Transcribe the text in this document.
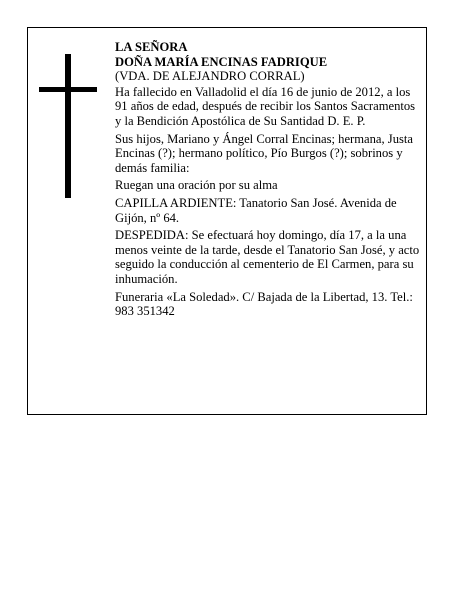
LA SEÑORA

DOÑA MARÍA ENCINAS FADRIQUE

(VDA. DE ALEJANDRO CORRAL)

Ha fallecido en Valladolid el día 16 de junio de 2012, a los 91 años de edad, después de recibir los Santos Sacramentos y la Bendición Apostólica de Su Santidad D. E. P.

Sus hijos, Mariano y Ángel Corral Encinas; hermana, Justa Encinas (?); hermano político, Pío Burgos (?); sobrinos y demás familia:

Ruegan una oración por su alma

CAPILLA ARDIENTE: Tanatorio San José. Avenida de Gijón, nº 64.

DESPEDIDA: Se efectuará hoy domingo, día 17, a la una menos veinte de la tarde, desde el Tanatorio San José, y acto seguido la conducción al cementerio de El Carmen, para su inhumación.

Funeraria «La Soledad». C/ Bajada de la Libertad, 13. Tel.: 983 351342
